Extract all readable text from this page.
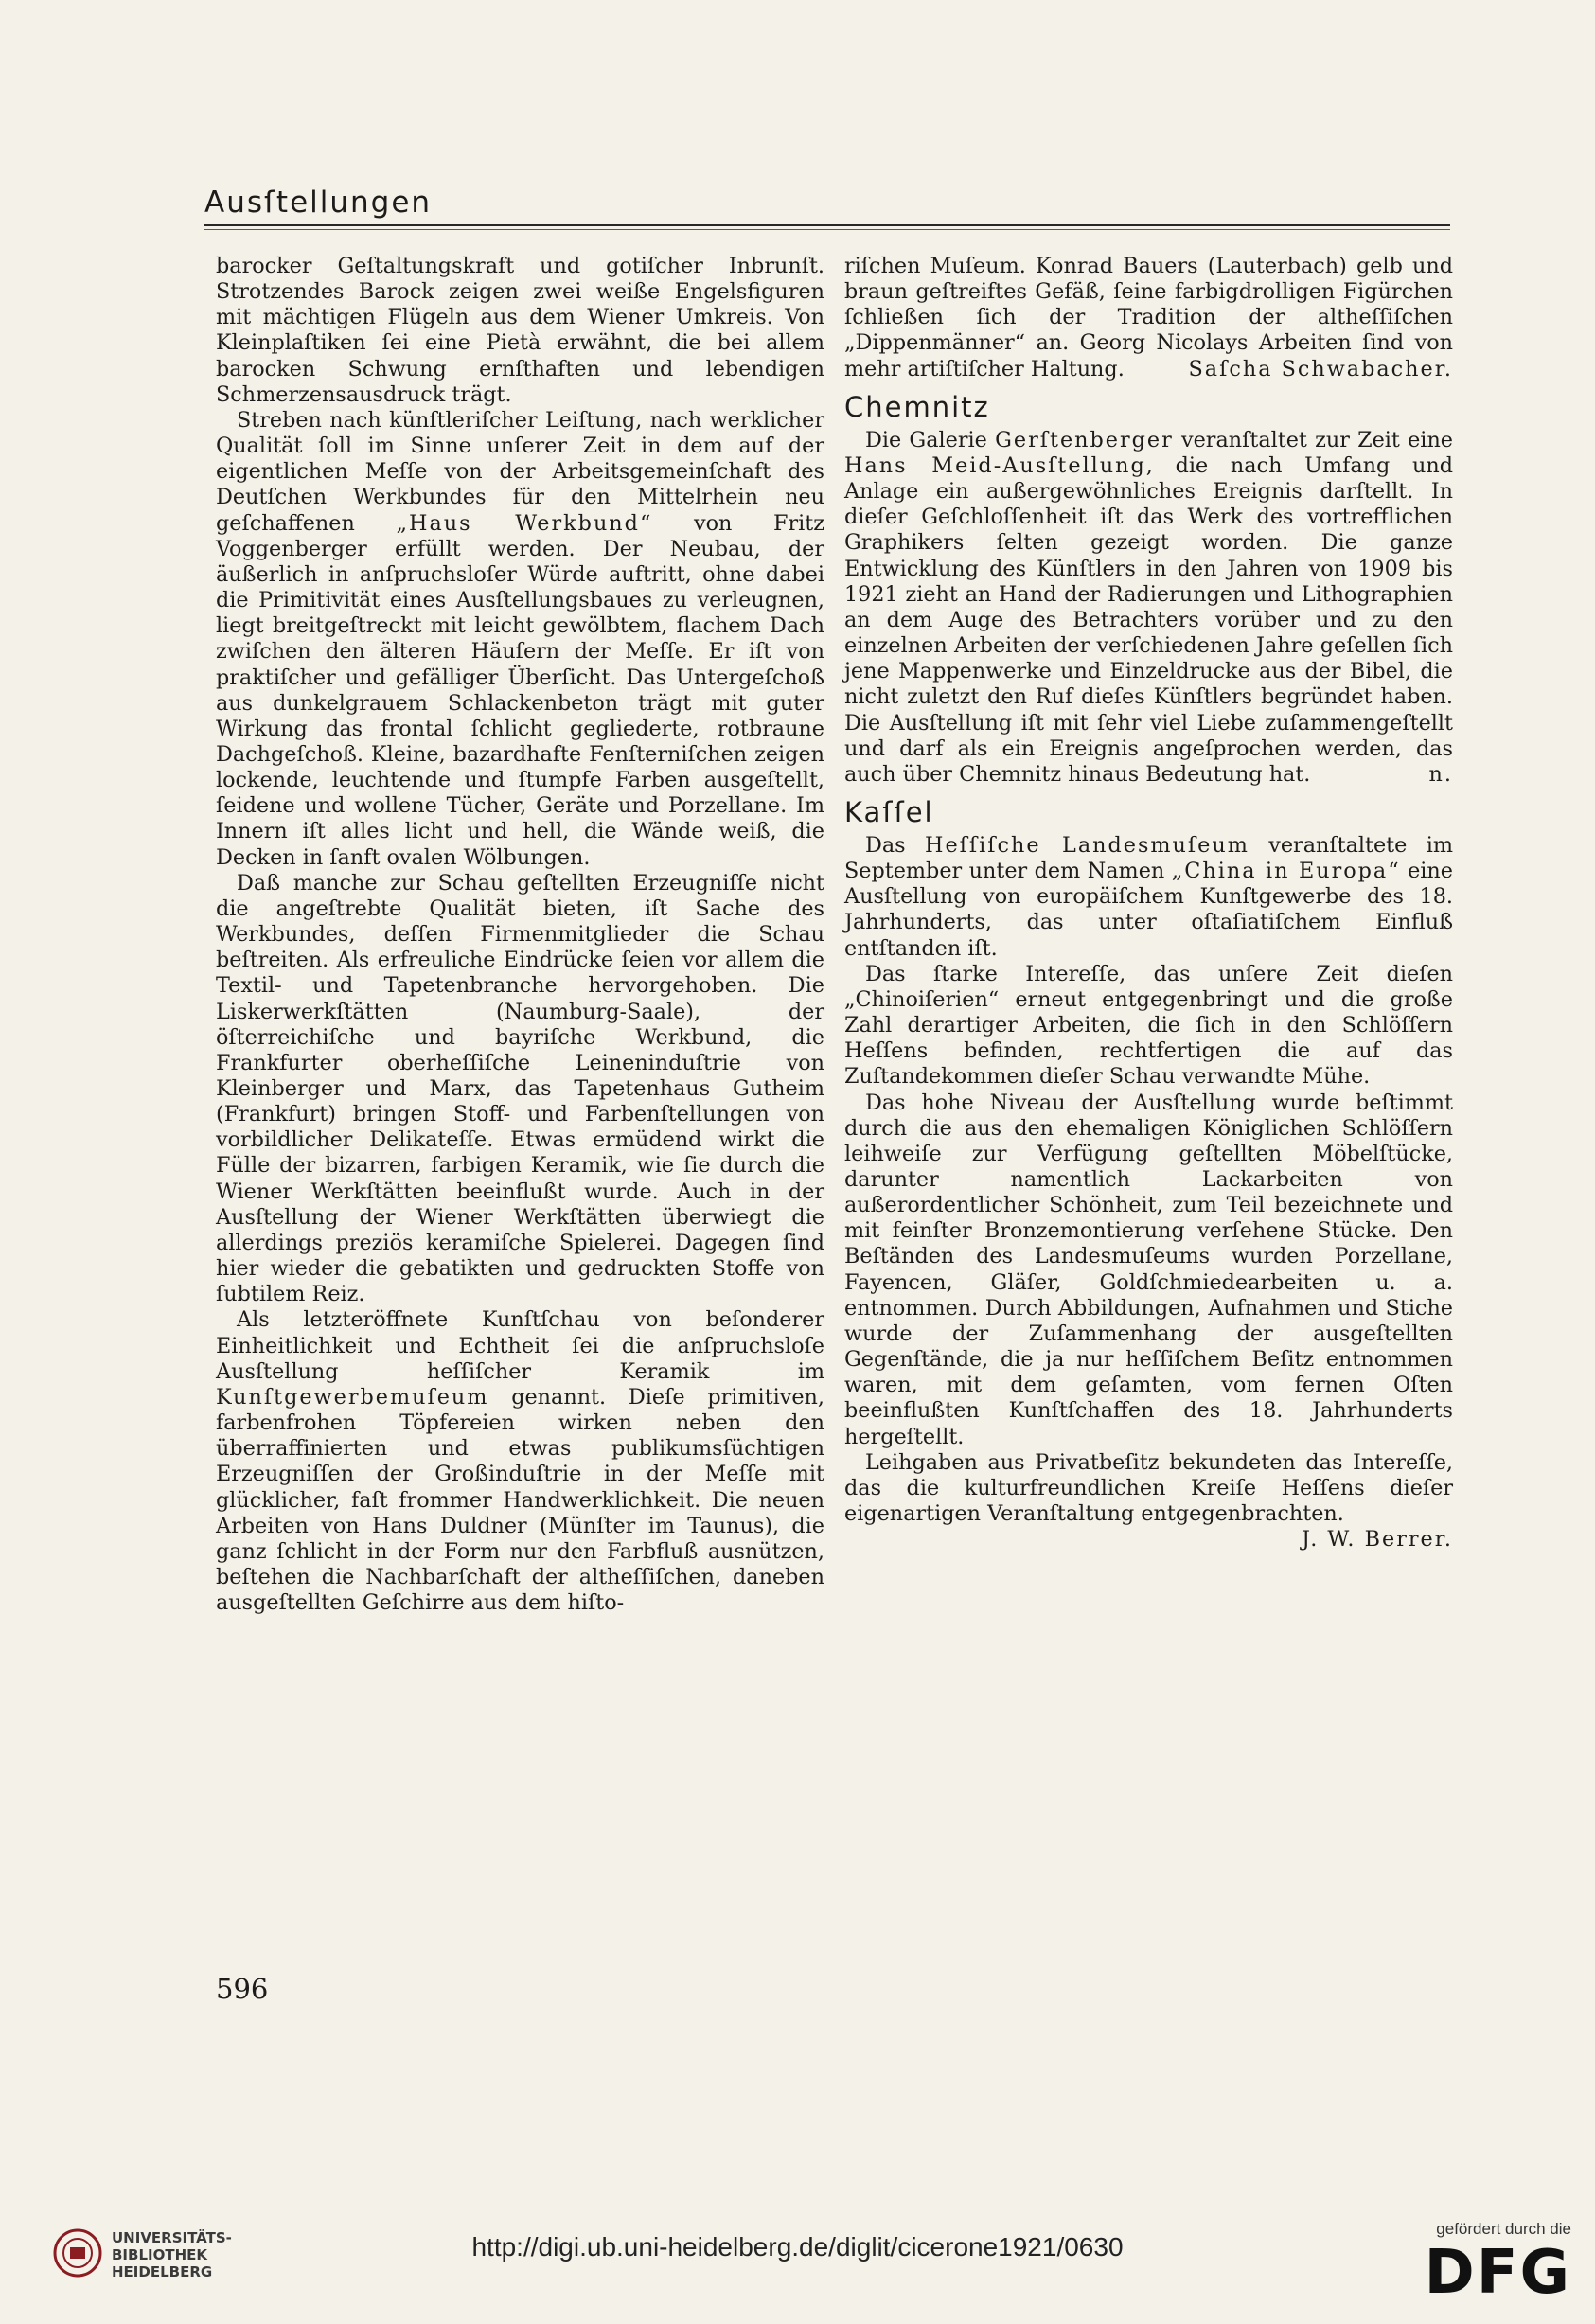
Ausſtellungen

barocker Geſtaltungskraft und gotiſcher Inbrunſt. Strotzendes Barock zeigen zwei weiße Engelsfiguren mit mächtigen Flügeln aus dem Wiener Umkreis. Von Kleinplaſtiken ſei eine Pietà erwähnt, die bei allem barocken Schwung ernſthaften und lebendigen Schmerzensausdruck trägt.

Streben nach künſtleriſcher Leiſtung, nach werklicher Qualität ſoll im Sinne unſerer Zeit in dem auf der eigentlichen Meſſe von der Arbeitsgemeinſchaft des Deutſchen Werkbundes für den Mittelrhein neu geſchaffenen „Haus Werkbund“ von Fritz Voggenberger erfüllt werden. Der Neubau, der äußerlich in anſpruchsloſer Würde auftritt, ohne dabei die Primitivität eines Ausſtellungsbaues zu verleugnen, liegt breitgeſtreckt mit leicht gewölbtem, flachem Dach zwiſchen den älteren Häuſern der Meſſe. Er iſt von praktiſcher und gefälliger Überſicht. Das Untergeſchoß aus dunkelgrauem Schlackenbeton trägt mit guter Wirkung das frontal ſchlicht gegliederte, rotbraune Dachgeſchoß. Kleine, bazardhafte Fenſterniſchen zeigen lockende, leuchtende und ſtumpfe Farben ausgeſtellt, ſeidene und wollene Tücher, Geräte und Porzellane. Im Innern iſt alles licht und hell, die Wände weiß, die Decken in ſanft ovalen Wölbungen.

Daß manche zur Schau geſtellten Erzeugniſſe nicht die angeſtrebte Qualität bieten, iſt Sache des Werkbundes, deſſen Firmenmitglieder die Schau beſtreiten. Als erfreuliche Eindrücke ſeien vor allem die Textil- und Tapetenbranche hervorgehoben. Die Liskerwerkſtätten (Naumburg-Saale), der öſterreichiſche und bayriſche Werkbund, die Frankfurter oberheſſiſche Leineninduſtrie von Kleinberger und Marx, das Tapetenhaus Gutheim (Frankfurt) bringen Stoff- und Farbenſtellungen von vorbildlicher Delikateſſe. Etwas ermüdend wirkt die Fülle der bizarren, farbigen Keramik, wie ſie durch die Wiener Werkſtätten beeinflußt wurde. Auch in der Ausſtellung der Wiener Werkſtätten überwiegt die allerdings preziös keramiſche Spielerei. Dagegen ſind hier wieder die gebatikten und gedruckten Stoffe von ſubtilem Reiz.

Als letzteröffnete Kunſtſchau von beſonderer Einheitlichkeit und Echtheit ſei die anſpruchsloſe Ausſtellung heſſiſcher Keramik im Kunſtgewerbemuſeum genannt. Dieſe primitiven, farbenfrohen Töpfereien wirken neben den überraffinierten und etwas publikumsſüchtigen Erzeugniſſen der Großinduſtrie in der Meſſe mit glücklicher, faſt frommer Handwerklichkeit. Die neuen Arbeiten von Hans Duldner (Münſter im Taunus), die ganz ſchlicht in der Form nur den Farbfluß ausnützen, beſtehen die Nachbarſchaft der altheſſiſchen, daneben ausgeſtellten Geſchirre aus dem hiſto-

riſchen Muſeum. Konrad Bauers (Lauterbach) gelb und braun geſtreiftes Gefäß, ſeine farbigdrolligen Figürchen ſchließen ſich der Tradition der altheſſiſchen „Dippenmänner“ an. Georg Nicolays Arbeiten ſind von mehr artiſtiſcher Haltung.	Saſcha Schwabacher.

Chemnitz

Die Galerie Gerſtenberger veranſtaltet zur Zeit eine Hans Meid-Ausſtellung, die nach Umfang und Anlage ein außergewöhnliches Ereignis darſtellt. In dieſer Geſchloſſenheit iſt das Werk des vortrefflichen Graphikers ſelten gezeigt worden. Die ganze Entwicklung des Künſtlers in den Jahren von 1909 bis 1921 zieht an Hand der Radierungen und Lithographien an dem Auge des Betrachters vorüber und zu den einzelnen Arbeiten der verſchiedenen Jahre geſellen ſich jene Mappenwerke und Einzeldrucke aus der Bibel, die nicht zuletzt den Ruf dieſes Künſtlers begründet haben. Die Ausſtellung iſt mit ſehr viel Liebe zuſammengeſtellt und darf als ein Ereignis angeſprochen werden, das auch über Chemnitz hinaus Bedeutung hat.	n.

Kaſſel

Das Heſſiſche Landesmuſeum veranſtaltete im September unter dem Namen „China in Europa“ eine Ausſtellung von europäiſchem Kunſtgewerbe des 18. Jahrhunderts, das unter oſtaſiatiſchem Einfluß entſtanden iſt.

Das ſtarke Intereſſe, das unſere Zeit dieſen „Chinoiſerien“ erneut entgegenbringt und die große Zahl derartiger Arbeiten, die ſich in den Schlöſſern Heſſens befinden, rechtfertigen die auf das Zuſtandekommen dieſer Schau verwandte Mühe.

Das hohe Niveau der Ausſtellung wurde beſtimmt durch die aus den ehemaligen Königlichen Schlöſſern leihweiſe zur Verfügung geſtellten Möbelſtücke, darunter namentlich Lackarbeiten von außerordentlicher Schönheit, zum Teil bezeichnete und mit feinſter Bronzemontierung verſehene Stücke. Den Beſtänden des Landesmuſeums wurden Porzellane, Fayencen, Gläſer, Goldſchmiedearbeiten u. a. entnommen. Durch Abbildungen, Aufnahmen und Stiche wurde der Zuſammenhang der ausgeſtellten Gegenſtände, die ja nur heſſiſchem Beſitz entnommen waren, mit dem geſamten, vom fernen Oſten beeinflußten Kunſtſchaffen des 18. Jahrhunderts hergeſtellt.

Leihgaben aus Privatbeſitz bekundeten das Intereſſe, das die kulturfreundlichen Kreiſe Heſſens dieſer eigenartigen Veranſtaltung entgegenbrachten.
J. W. Berrer.

596
UNIVERSITÄTS-
BIBLIOTHEK
HEIDELBERG
http://digi.ub.uni-heidelberg.de/diglit/cicerone1921/0630
gefördert durch die
DFG
